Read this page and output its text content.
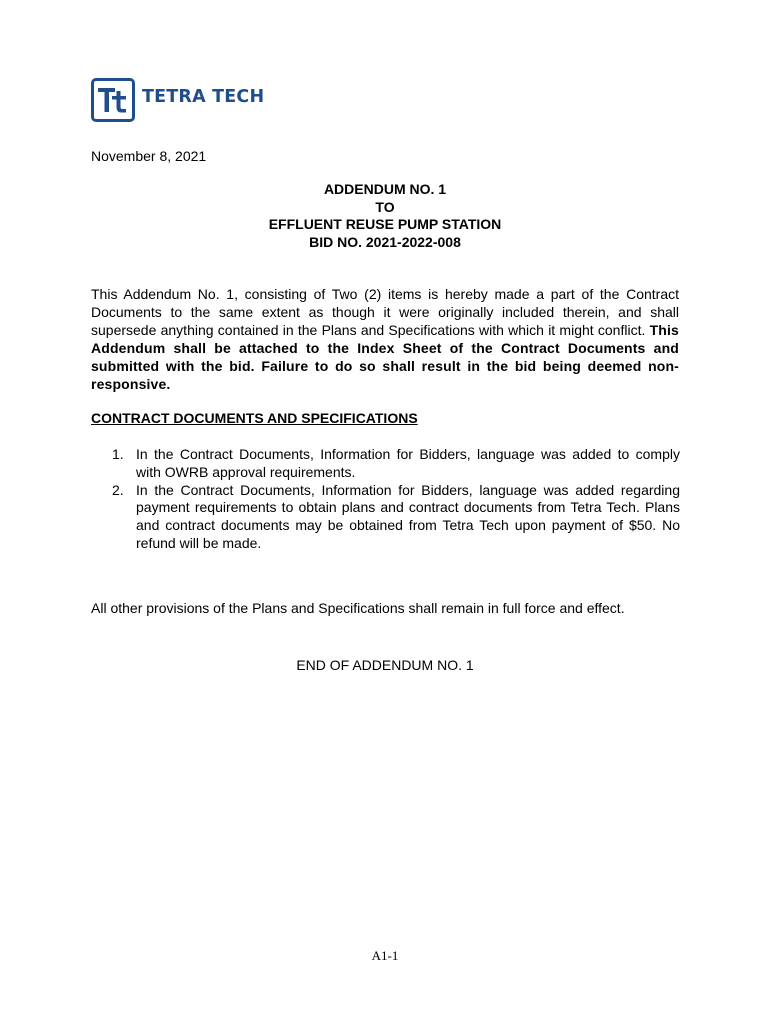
TETRA TECH
November 8, 2021
ADDENDUM NO. 1
TO
EFFLUENT REUSE PUMP STATION
BID NO. 2021-2022-008
This Addendum No. 1, consisting of Two (2) items is hereby made a part of the Contract Documents to the same extent as though it were originally included therein, and shall supersede anything contained in the Plans and Specifications with which it might conflict. This Addendum shall be attached to the Index Sheet of the Contract Documents and submitted with the bid. Failure to do so shall result in the bid being deemed non-responsive.
CONTRACT DOCUMENTS AND SPECIFICATIONS
1. In the Contract Documents, Information for Bidders, language was added to comply with OWRB approval requirements.
2. In the Contract Documents, Information for Bidders, language was added regarding payment requirements to obtain plans and contract documents from Tetra Tech. Plans and contract documents may be obtained from Tetra Tech upon payment of $50. No refund will be made.
All other provisions of the Plans and Specifications shall remain in full force and effect.
END OF ADDENDUM NO. 1
A1-1
